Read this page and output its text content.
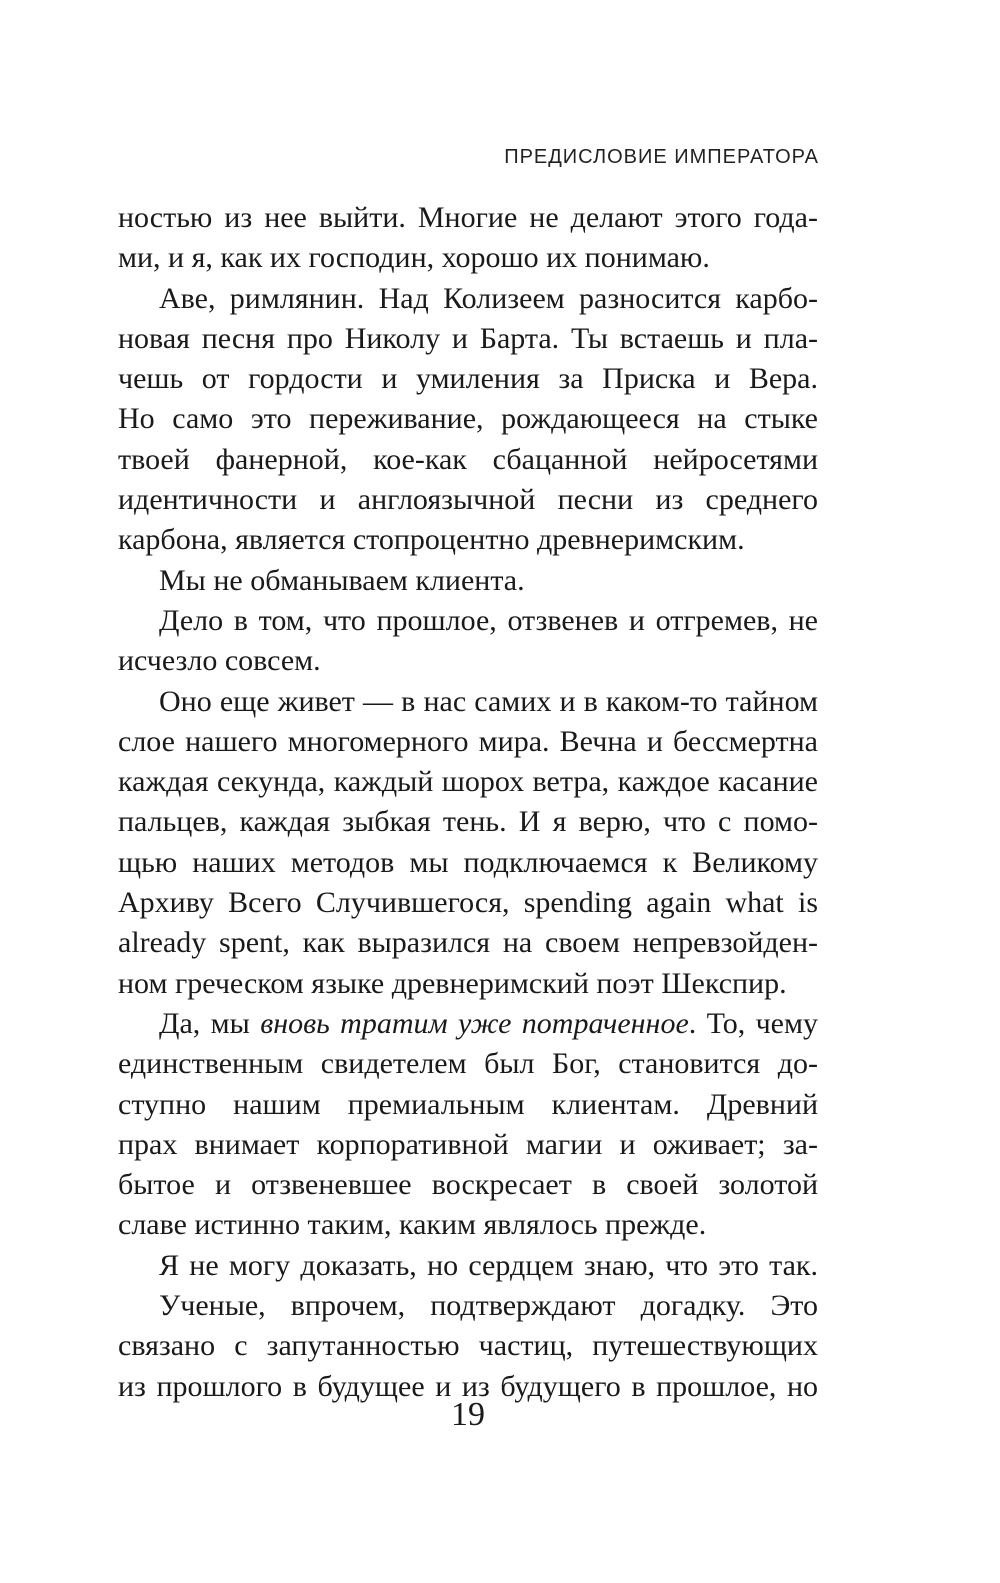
ПРЕДИСЛОВИЕ ИМПЕРАТОРА
ностью из нее выйти. Многие не делают этого года-
ми, и я, как их господин, хорошо их понимаю.
Аве, римлянин. Над Колизеем разносится карбо-
новая песня про Николу и Барта. Ты встаешь и пла-
чешь от гордости и умиления за Приска и Вера.
Но само это переживание, рождающееся на стыке
твоей фанерной, кое-как сбацанной нейросетями
идентичности и англоязычной песни из среднего
карбона, является стопроцентно древнеримским.
Мы не обманываем клиента.
Дело в том, что прошлое, отзвенев и отгремев, не
исчезло совсем.
Оно еще живет — в нас самих и в каком-то тайном
слое нашего многомерного мира. Вечна и бессмертна
каждая секунда, каждый шорох ветра, каждое касание
пальцев, каждая зыбкая тень. И я верю, что с помо-
щью наших методов мы подключаемся к Великому
Архиву Всего Случившегося, spending again what is
already spent, как выразился на своем непревзойден-
ном греческом языке древнеримский поэт Шекспир.
Да, мы вновь тратим уже потраченное. То, чему
единственным свидетелем был Бог, становится до-
ступно нашим премиальным клиентам. Древний
прах внимает корпоративной магии и оживает; за-
бытое и отзвеневшее воскресает в своей золотой
славе истинно таким, каким являлось прежде.
Я не могу доказать, но сердцем знаю, что это так.
Ученые, впрочем, подтверждают догадку. Это
связано с запутанностью частиц, путешествующих
из прошлого в будущее и из будущего в прошлое, но
19
